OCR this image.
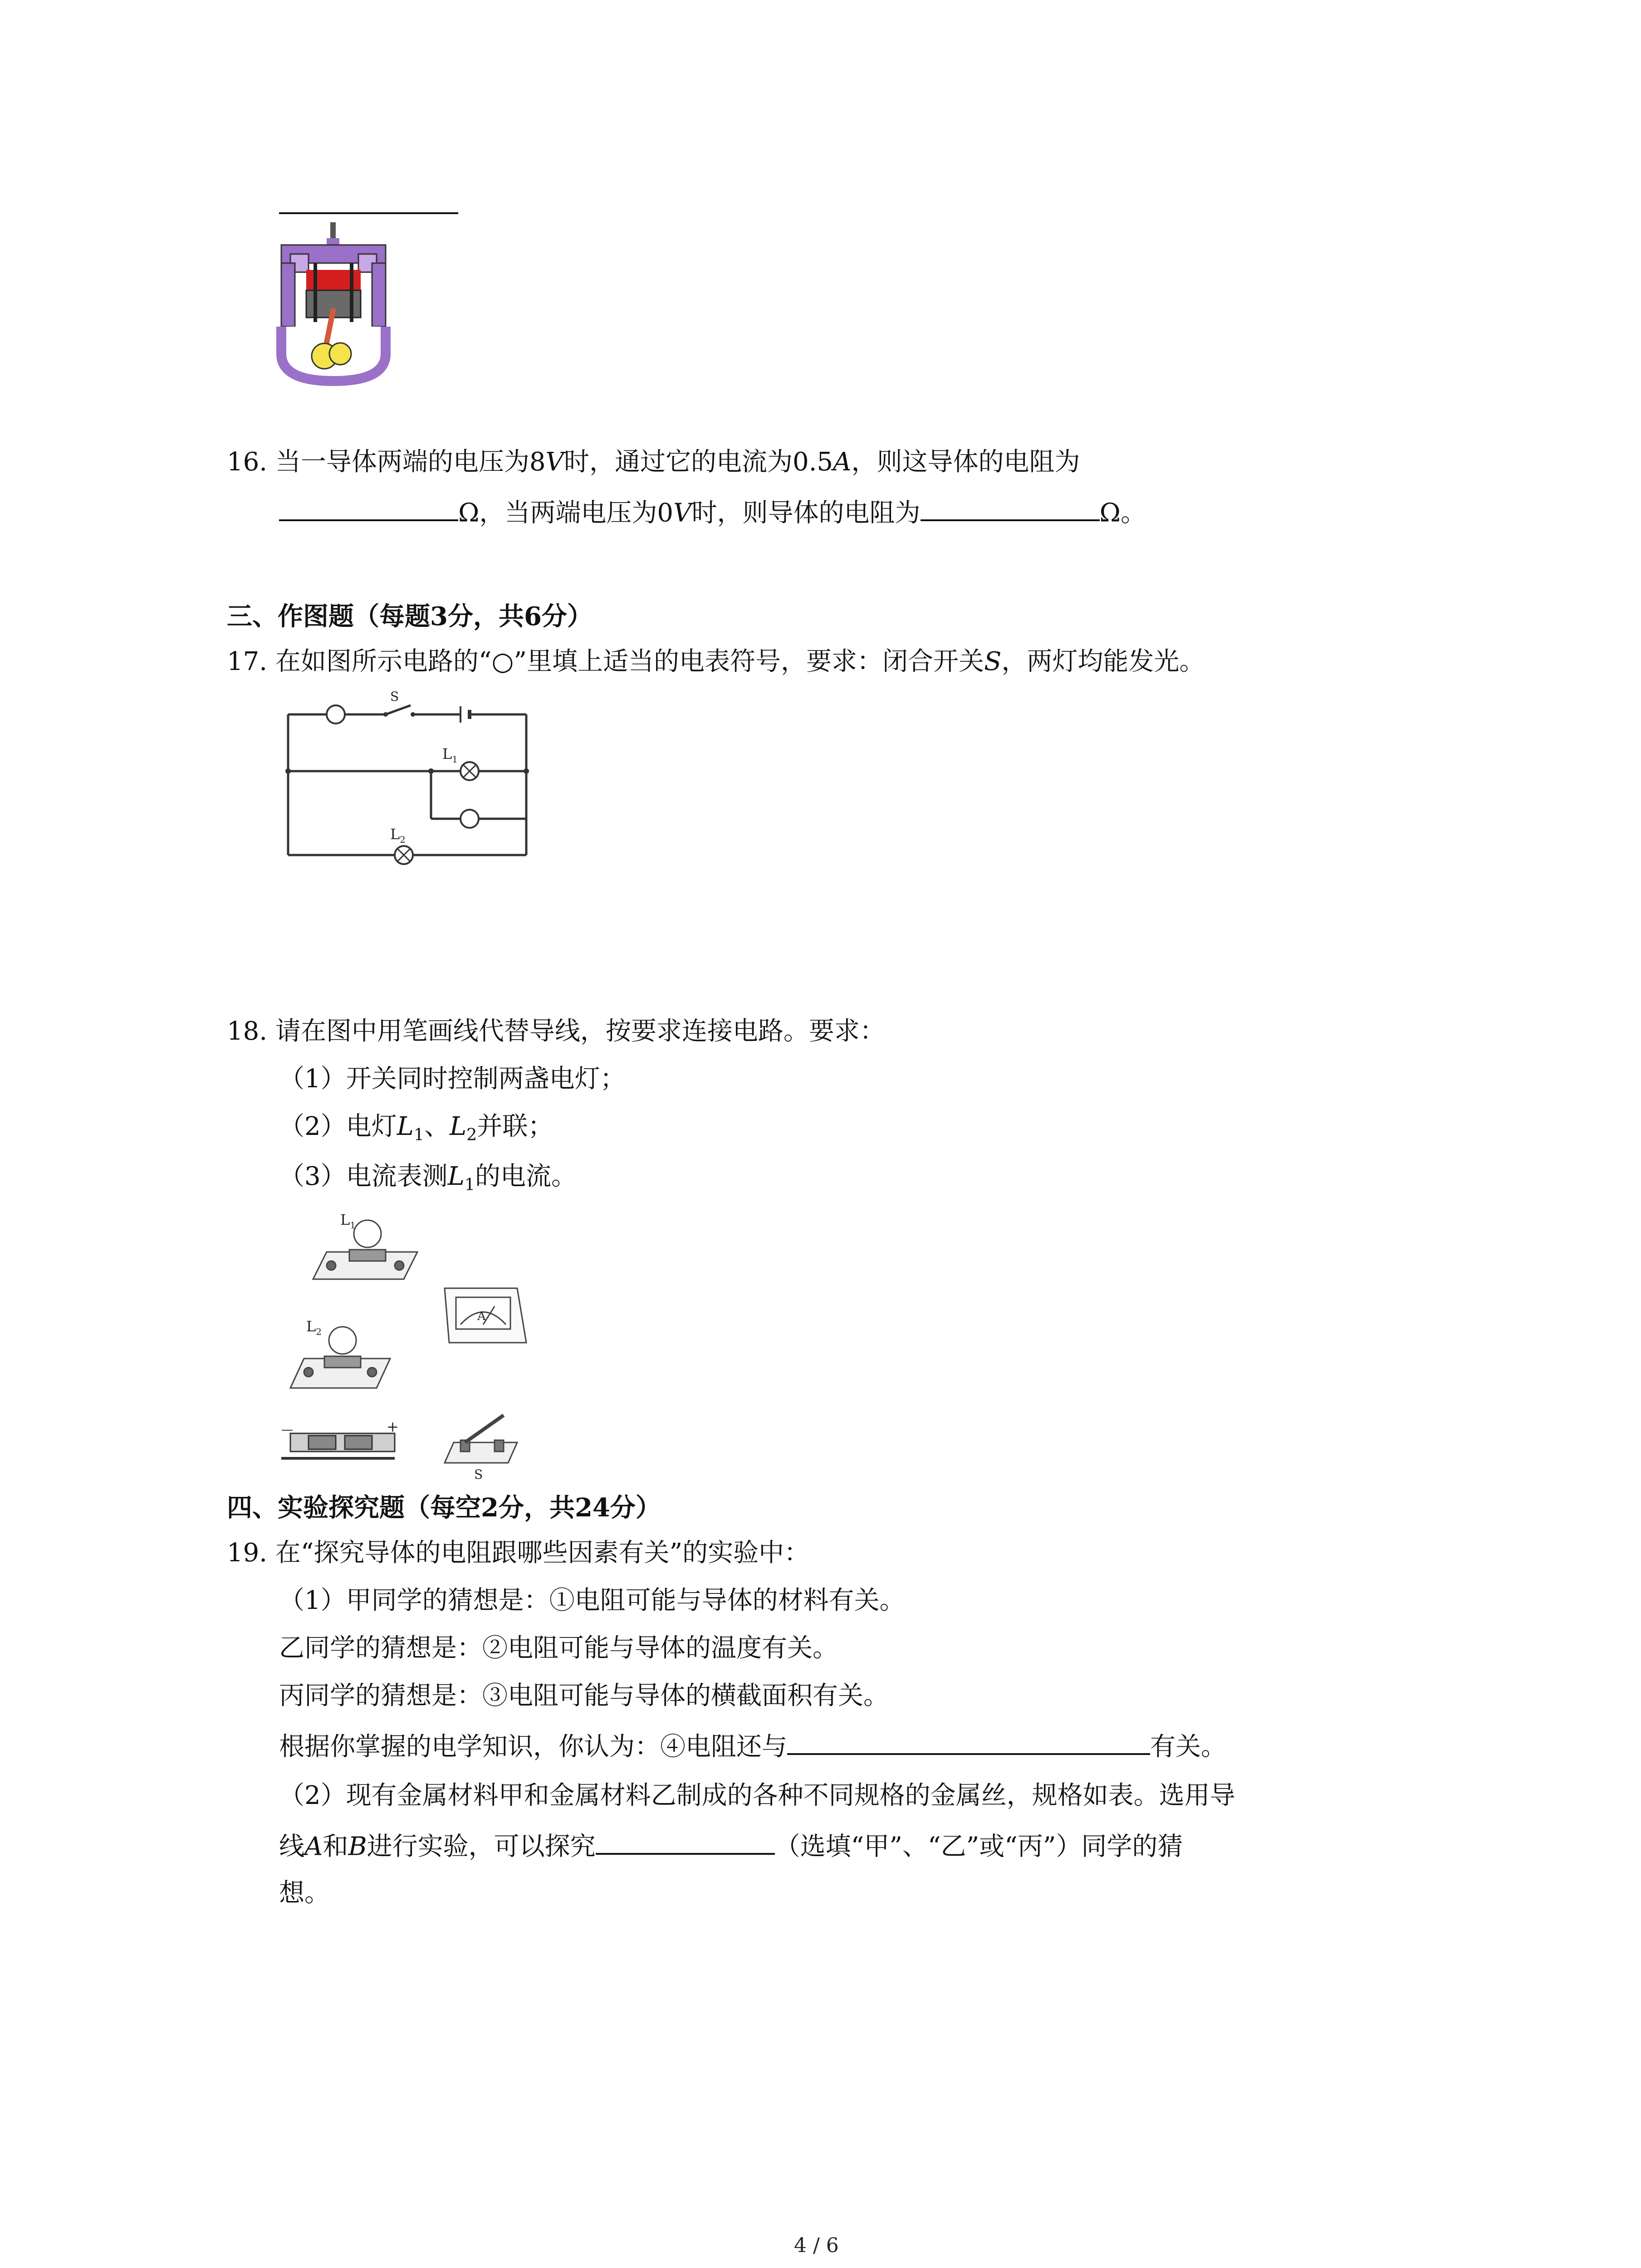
16. 当一导体两端的电压为8V时，通过它的电流为0.5A，则这导体的电阻为
Ω，当两端电压为0V时，则导体的电阻为	Ω。
三、作图题（每题3分，共6分）
17. 在如图所示电路的“○”里填上适当的电表符号，要求：闭合开关S，两灯均能发光。
S
$L_1$
$L_2$
18. 请在图中用笔画线代替导线，按要求连接电路。要求：
（1）开关同时控制两盏电灯；
（2）电灯$L_1$、$L_2$并联；
（3）电流表测$L_1$的电流。
$L_1$
$L_2$
A
—	+
S
四、实验探究题（每空2分，共24分）
19. 在“探究导体的电阻跟哪些因素有关”的实验中：
（1）甲同学的猜想是：①电阻可能与导体的材料有关。
乙同学的猜想是：②电阻可能与导体的温度有关。
丙同学的猜想是：③电阻可能与导体的横截面积有关。
根据你掌握的电学知识，你认为：④电阻还与	有关。
（2）现有金属材料甲和金属材料乙制成的各种不同规格的金属丝，规格如表。选用导
线A和B进行实验，可以探究	（选填“甲”、“乙”或“丙”）同学的猜
想。
4 / 6
